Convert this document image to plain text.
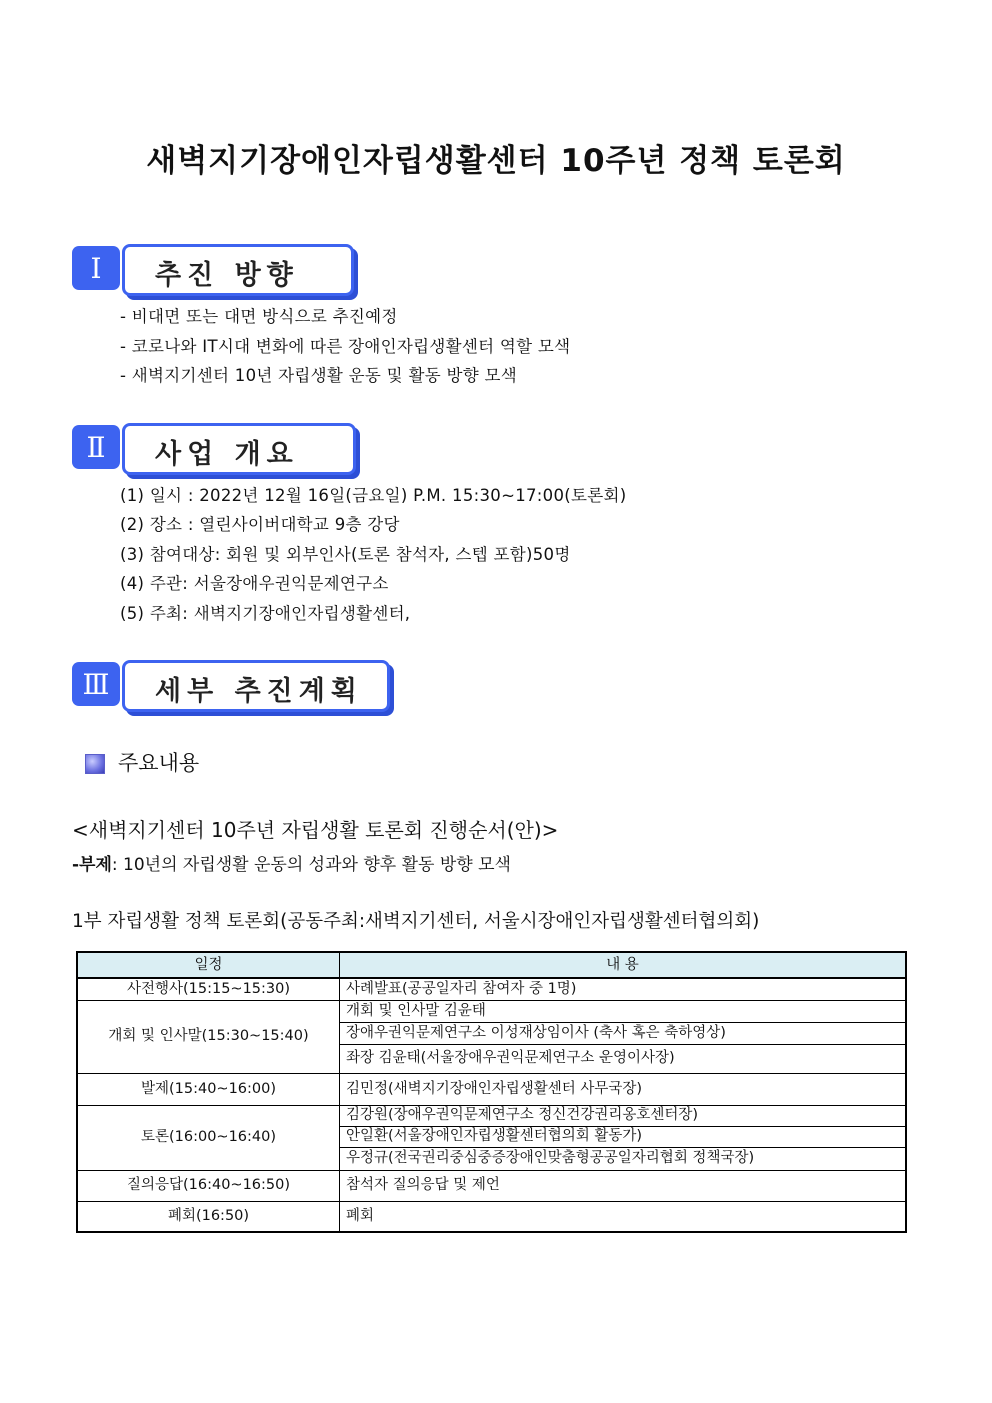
새벽지기장애인자립생활센터 10주년 정책 토론회
Ⅰ	추진 방향
- 비대면 또는 대면 방식으로 추진예정
- 코로나와 IT시대 변화에 따른 장애인자립생활센터 역할 모색
- 새벽지기센터 10년 자립생활 운동 및 활동 방향 모색
Ⅱ	사업 개요
(1) 일시 : 2022년 12월 16일(금요일) P.M. 15:30~17:00(토론회)
(2) 장소 : 열린사이버대학교 9층 강당
(3) 참여대상: 회원 및 외부인사(토론 참석자, 스텝 포함)50명
(4) 주관: 서울장애우권익문제연구소
(5) 주최: 새벽지기장애인자립생활센터,
Ⅲ	세부 추진계획
주요내용
<새벽지기센터 10주년 자립생활 토론회 진행순서(안)>
-부제: 10년의 자립생활 운동의 성과와 향후 활동 방향 모색
1부 자립생활 정책 토론회(공동주최:새벽지기센터, 서울시장애인자립생활센터협의회)
일정	내 용
사전행사(15:15~15:30)	사례발표(공공일자리 참여자 중 1명)
개회 및 인사말(15:30~15:40)	개회 및 인사말 김윤태
	장애우권익문제연구소 이성재상임이사 (축사 혹은 축하영상)
	좌장 김윤태(서울장애우권익문제연구소 운영이사장)
발제(15:40~16:00)	김민정(새벽지기장애인자립생활센터 사무국장)
토론(16:00~16:40)	김강원(장애우권익문제연구소 정신건강권리옹호센터장)
	안일환(서울장애인자립생활센터협의회 활동가)
	우정규(전국권리중심중증장애인맞춤형공공일자리협회 정책국장)
질의응답(16:40~16:50)	참석자 질의응답 및 제언
폐회(16:50)	폐회
